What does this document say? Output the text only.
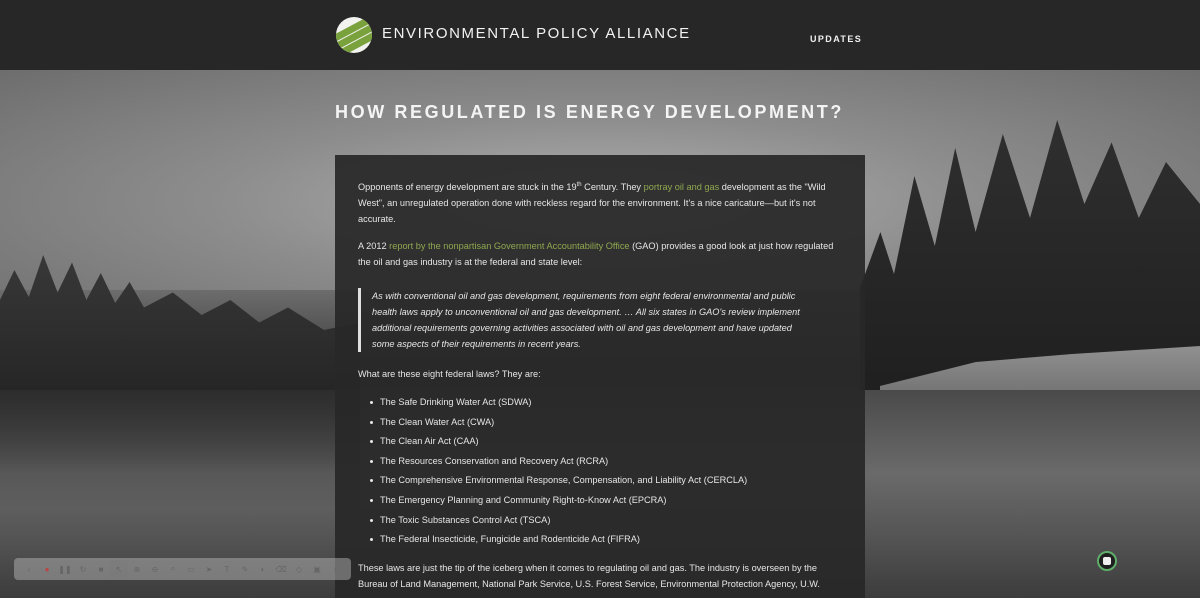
ENVIRONMENTAL POLICY ALLIANCE	UPDATES
HOW REGULATED IS ENERGY DEVELOPMENT?

Opponents of energy development are stuck in the 19th Century. They portray oil and gas development as the "Wild West", an unregulated operation done with reckless regard for the environment. It's a nice caricature—but it's not accurate.

A 2012 report by the nonpartisan Government Accountability Office (GAO) provides a good look at just how regulated the oil and gas industry is at the federal and state level:

As with conventional oil and gas development, requirements from eight federal environmental and public health laws apply to unconventional oil and gas development. … All six states in GAO's review implement additional requirements governing activities associated with oil and gas development and have updated some aspects of their requirements in recent years.

What are these eight federal laws? They are:

The Safe Drinking Water Act (SDWA)
The Clean Water Act (CWA)
The Clean Air Act (CAA)
The Resources Conservation and Recovery Act (RCRA)
The Comprehensive Environmental Response, Compensation, and Liability Act (CERCLA)
The Emergency Planning and Community Right-to-Know Act (EPCRA)
The Toxic Substances Control Act (TSCA)
The Federal Insecticide, Fungicide and Rodenticide Act (FIFRA)

These laws are just the tip of the iceberg when it comes to regulating oil and gas. The industry is overseen by the Bureau of Land Management, National Park Service, U.S. Forest Service, Environmental Protection Agency, U.W.

‹	●	❚❚ ↻	■	↖	⊕	⊖	⌕	▭	➤	T	✎	◐	⌫	◇	▣	›
